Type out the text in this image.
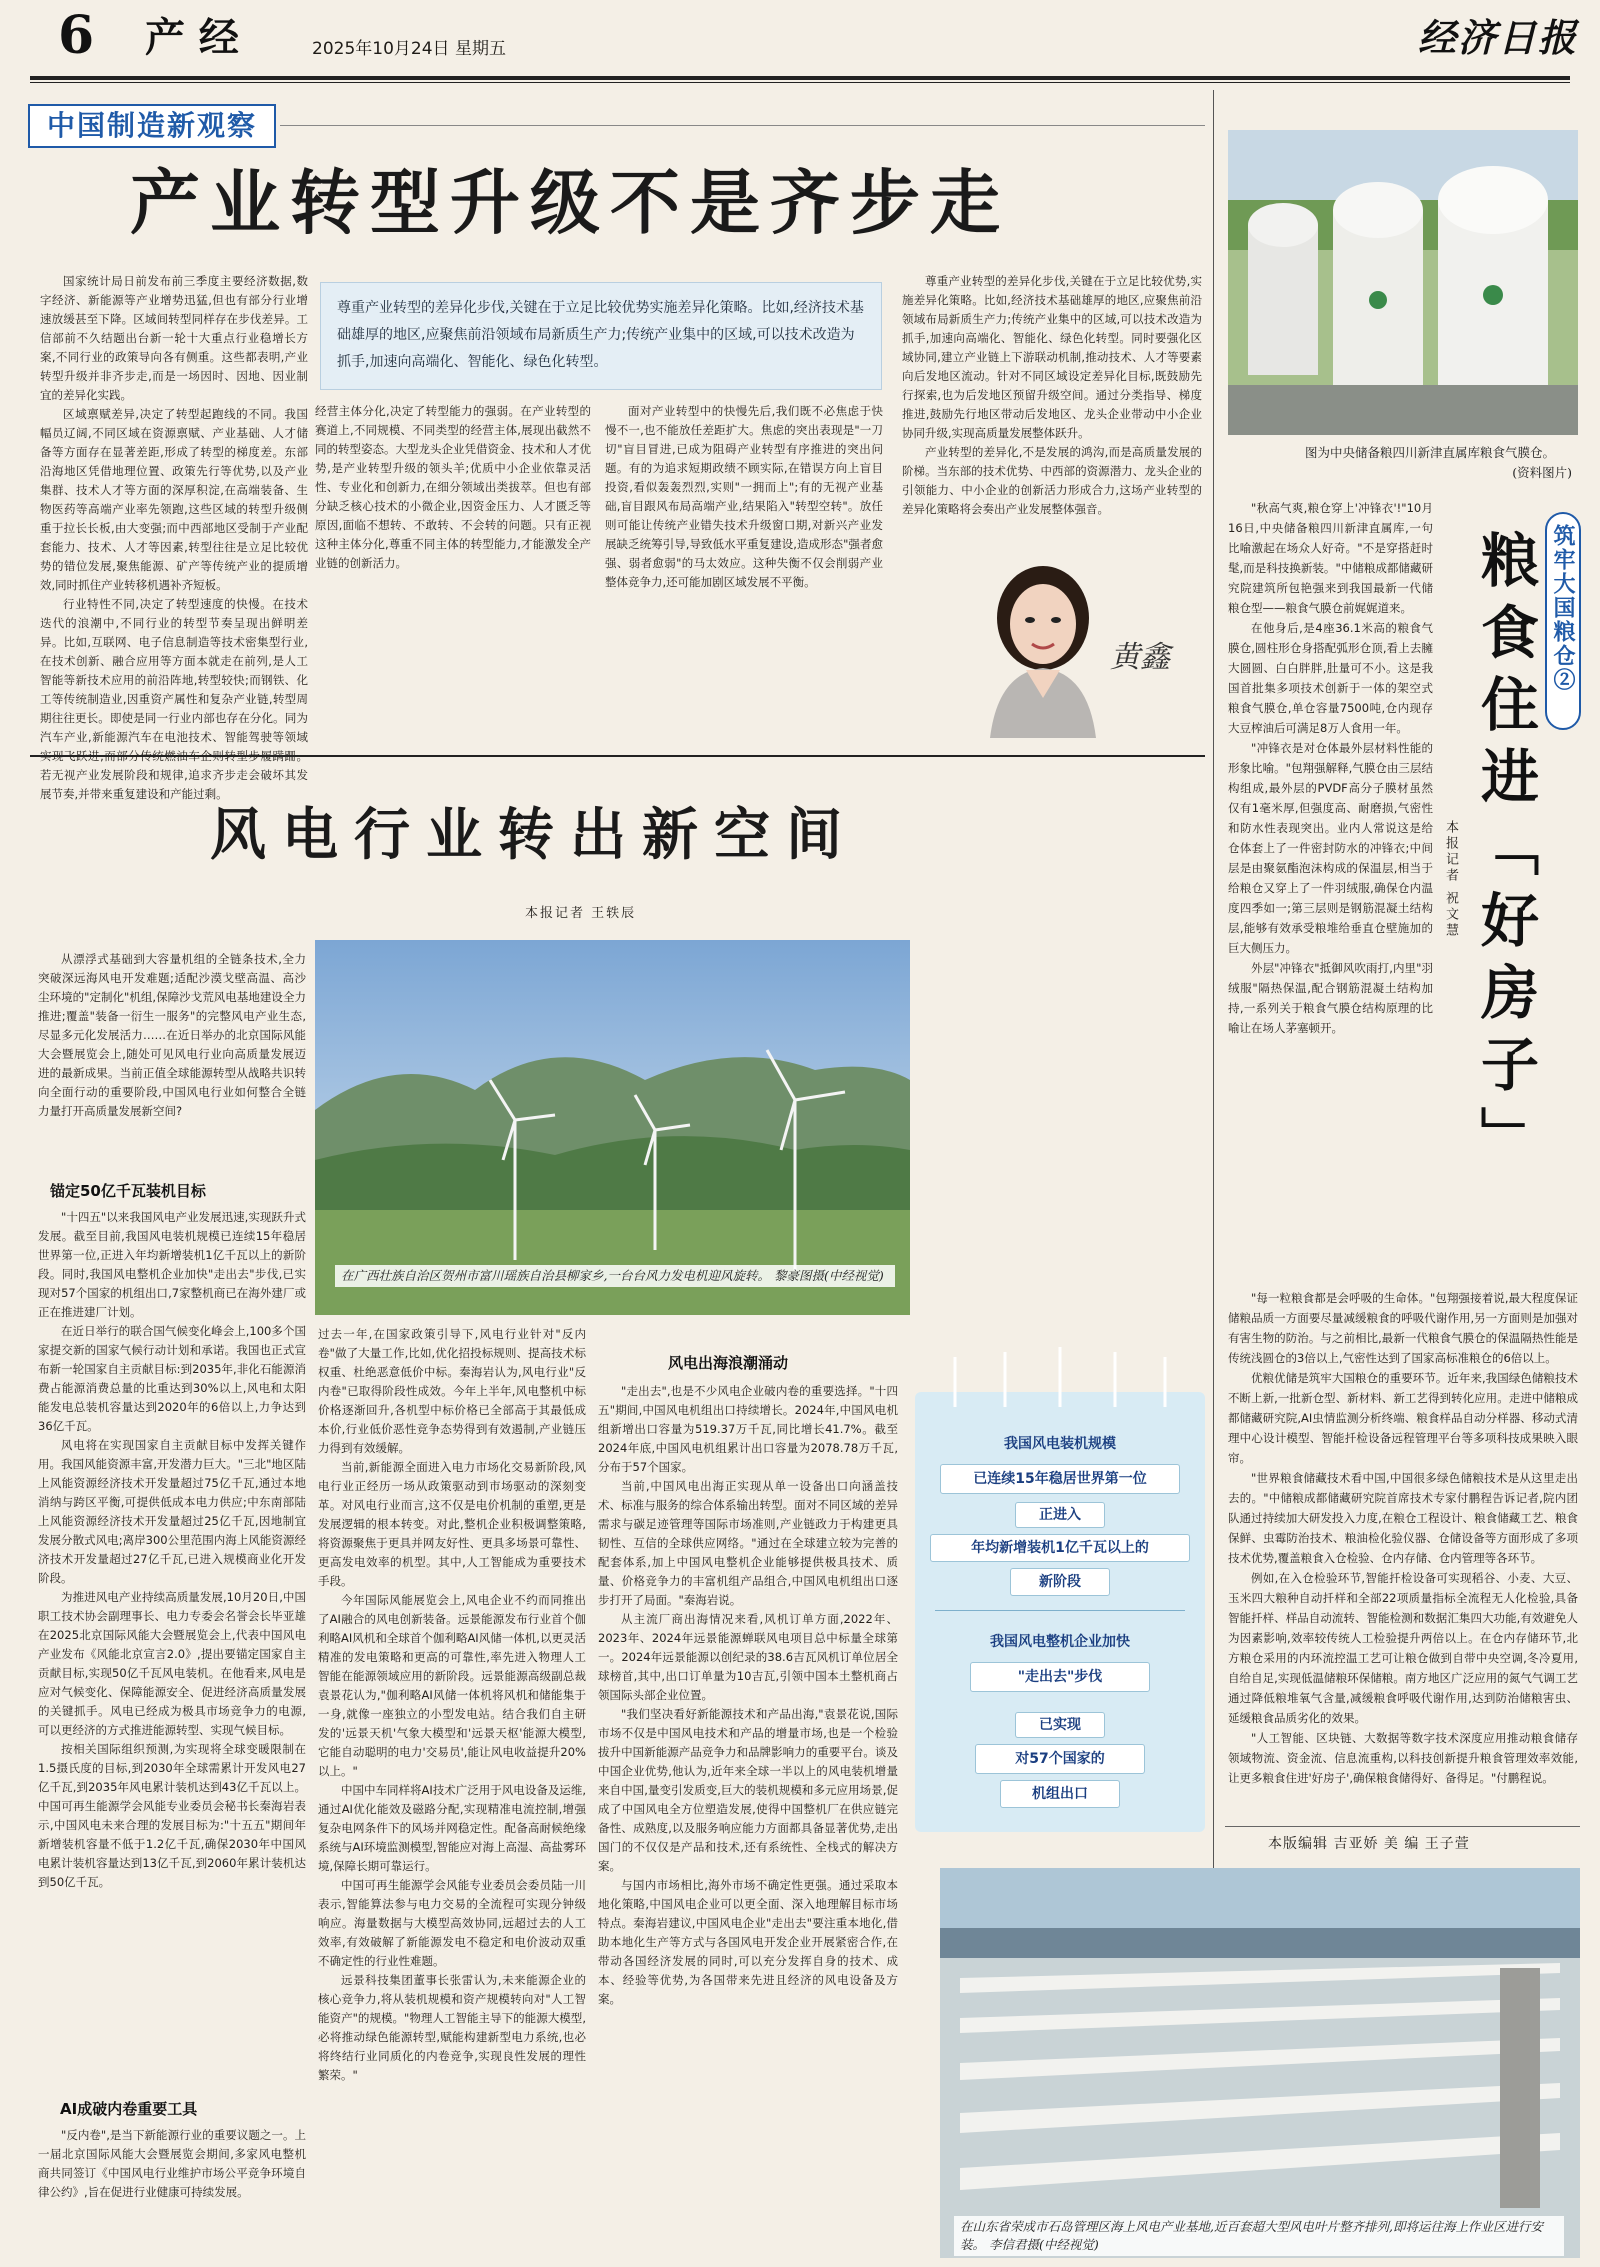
6 产 经	2025年10月24日 星期五	经济日报
中国制造新观察
产业转型升级不是齐步走

国家统计局日前发布前三季度主要经济数据,数字经济、新能源等产业增势迅猛,但也有部分行业增速放缓甚至下降。区域间转型同样存在步伐差异。工信部前不久结题出台新一轮十大重点行业稳增长方案,不同行业的政策导向各有侧重。这些都表明,产业转型升级并非齐步走,而是一场因时、因地、因业制宜的差异化实践。

区域禀赋差异,决定了转型起跑线的不同。我国幅员辽阔,不同区域在资源禀赋、产业基础、人才储备等方面存在显著差距,形成了转型的梯度差。东部沿海地区凭借地理位置、政策先行等优势,以及产业集群、技术人才等方面的深厚积淀,在高端装备、生物医药等高端产业率先领跑,这些区域的转型升级侧重于拉长长板,由大变强;而中西部地区受制于产业配套能力、技术、人才等因素,转型往往是立足比较优势的错位发展,聚焦能源、矿产等传统产业的提质增效,同时抓住产业转移机遇补齐短板。

行业特性不同,决定了转型速度的快慢。在技术迭代的浪潮中,不同行业的转型节奏呈现出鲜明差异。比如,互联网、电子信息制造等技术密集型行业,在技术创新、融合应用等方面本就走在前列,是人工智能等新技术应用的前沿阵地,转型较快;而钢铁、化工等传统制造业,因重资产属性和复杂产业链,转型周期往往更长。即使是同一行业内部也存在分化。同为汽车产业,新能源汽车在电池技术、智能驾驶等领域 若无视产业发展阶段和规律,追求齐步走会破坏其发展节奏,并带来重复建设和产能过剩。

尊重产业转型的差异化步伐,关键在于立足比较优势实施差异化策略。比如,经济技术基础雄厚的地区,应聚焦前沿领域布局新质生产力;传统产业集中的区域,可以技术改造为抓手,加速向高端化、智能化、绿色化转型。

经营主体分化,决定了转型能力的强弱。在产业转型的赛道上,不同规模、不同类型的经营主体,展现出截然不同的转型姿态。大型龙头企业凭借资金、技术和人才优势,是产业转型升级的领头羊;优质中小企业依靠灵活性、专业化和创新力,在细分领域出类拔萃。但也有部分缺乏核心技术的小微企业,因资金压力、人才匮乏等原因,面临不想转、不敢转、不会转的问题。只有正视这种主体分化,尊重不同主体的转型能力,才能激发全产业链的创新活力。

面对产业转型中的快慢先后,我们既不必焦虑于快慢不一,也不能放任差距扩大。焦虑的突出表现是"一刀切"盲目冒进,已成为阻碍产业转型有序推进的突出问题。有的为追求短期政绩不顾实际,在错误方向上盲目投资,看似轰轰烈烈,实则"一拥而上";有的无视产业基础,盲目跟风布局高端产业,结果陷入"转型空转"。放任则可能让传统产业错失技术升级窗口期,对新兴产业发展缺乏统筹引导,导致低水平重复建设,造成形态"强者愈强、弱者愈弱"的马太效应。这种失衡不仅会削弱产业整体竞争力,还可能加剧区域发展不平衡。

尊重产业转型的差异化步伐,关键在于立足比较优势,实施差异化策略。比如,经济技术基础雄厚的地区,应聚焦前沿领域布局新质生产力;传统产业集中的区域,可以技术改造为抓手,加速向高端化、智能化、绿色化转型。同时要强化区域协同,建立产业链上下游联动机制,推动技术、人才等要素向后发地区流动。针对不同区域设定差异化目标,既鼓励先行探索,也为后发地区预留升级空间。通过分类指导、梯度推进,鼓励先行地区带动后发地区、龙头企业带动中小企业协同升级,实现高质量发展整体跃升。

产业转型的差异化,不是发展的鸿沟,而是高质量发展的阶梯。当东部的技术优势、中西部的资源潜力、龙头企业的引领能力、中小企业的创新活力形成合力,这场产业转型的差异化策略将会奏出产业发展整体强音。

黄鑫
图为中央储备粮四川新津直属库粮食气膜仓。
(资料图片)
筑牢大国粮仓②
粮食住进「好房子」
本报记者 祝文慧

"秋高气爽,粮仓穿上'冲锋衣'!"10月16日,中央储备粮四川新津直属库,一句比喻激起在场众人好奇。"不是穿搭赶时髦,而是科技换新装。"中储粮成都储藏研究院建筑所包艳强来到我国最新一代储粮仓型——粮食气膜仓前娓娓道来。

在他身后,是4座36.1米高的粮食气膜仓,圆柱形仓身搭配弧形仓顶,看上去臃大圆圆、白白胖胖,肚量可不小。这是我国首批集多项技术创新于一体的架空式粮食气膜仓,单仓容量7500吨,仓内现存大豆榨油后可满足8万人食用一年。

"冲锋衣是对仓体最外层材料性能的形象比喻。"包翔强解释,气膜仓由三层结构组成,最外层的PVDF高分子膜材虽然仅有1毫米厚,但强度高、耐磨损,气密性和防水性表现突出。业内人常说这是给仓体套上了一件密封防水的冲锋衣;中间层是由聚氨酯泡沫构成的保温层,相当于给粮仓又穿上了一件羽绒服,确保仓内温度四季如一;第三层则是钢筋混凝土结构层,能够有效承受粮堆给垂直仓壁施加的巨大侧压力。

外层"冲锋衣"抵御风吹雨打,内里"羽绒服"隔热保温,配合钢筋混凝土结构加持,一系列关于粮食气膜仓结构原理的比喻让在场人茅塞顿开。

"每一粒粮食都是会呼吸的生命体。"包翔强接着说,最大程度保证储粮品质一方面要尽量减缓粮食的呼吸代谢作用,另一方面则是加强对有害生物的防治。与之前相比,最新一代粮食气膜仓的保温隔热性能是传统浅圆仓的3倍以上,气密性达到了国家高标准粮仓的6倍以上。

优粮优储是筑牢大国粮仓的重要环节。近年来,我国绿色储粮技术不断上新,一批新仓型、新材料、新工艺得到转化应用。走进中储粮成都储藏研究院,AI虫情监测分析终端、粮食样品自动分样器、移动式清理中心设计模型、智能扦检设备远程管理平台等多项科技成果映入眼帘。

"世界粮食储藏技术看中国,中国很多绿色储粮技术是从这里走出去的。"中储粮成都储藏研究院首席技术专家付鹏程告诉记者,院内团队通过持续加大研发投入力度,在粮仓工程设计、粮食储藏工艺、粮食保鲜、虫霉防治技术、粮油检化验仪器、仓储设备等方面形成了多项技术优势,覆盖粮食入仓检验、仓内存储、仓内管理等各环节。

例如,在入仓检验环节,智能扦检设备可实现稻谷、小麦、大豆、玉米四大粮种自动扦样和全部22项质量指标全流程无人化检验,具备智能扦样、样品自动流转、智能检测和数据汇集四大功能,有效避免人为因素影响,效率较传统人工检验提升两倍以上。在仓内存储环节,北方粮仓采用的内环流控温工艺可让粮仓做到自带中央空调,冬冷夏用,自给自足,实现低温储粮环保储粮。南方地区广泛应用的氮气气调工艺通过降低粮堆氧气含量,减缓粮食呼吸代谢作用,达到防治储粮害虫、延缓粮食品质劣化的效果。

"人工智能、区块链、大数据等数字技术深度应用推动粮食储存领域物流、资金流、信息流重构,以科技创新提升粮食管理效率效能,让更多粮食住进'好房子',确保粮食储得好、备得足。"付鹏程说。

本版编辑 吉亚娇 美 编 王子萱
风电行业转出新空间
本报记者 王轶辰

从漂浮式基础到大容量机组的全链条技术,全力突破深远海风电开发难题;适配沙漠戈壁高温、高沙尘环境的"定制化"机组,保障沙戈荒风电基地建设全力推进;覆盖"装备一衍生一服务"的完整风电产业生态,尽显多元化发展活力……在近日举办的北京国际风能大会暨展览会上,随处可见风电行业向高质量发展迈进的最新成果。当前正值全球能源转型从战略共识转向全面行动的重要阶段,中国风电行业如何整合全链力量打开高质量发展新空间?

在广西壮族自治区贺州市富川瑶族自治县柳家乡,一台台风力发电机迎风旋转。 黎豪图摄(中经视觉)
锚定50亿千瓦装机目标

"十四五"以来我国风电产业发展迅速,实现跃升式发展。截至目前,我国风电装机规模已连续15年稳居世界第一位,正进入年均新增装机1亿千瓦以上的新阶段。同时,我国风电整机企业加快"走出去"步伐,已实现对57个国家的机组出口,7家整机商已在海外建厂或正在推进建厂计划。

在近日举行的联合国气候变化峰会上,100多个国家提交新的国家气候行动计划和承诺。我国也正式宣布新一轮国家自主贡献目标:到2035年,非化石能源消费占能源消费总量的比重达到30%以上,风电和太阳能发电总装机容量达到2020年的6倍以上,力争达到36亿千瓦。

风电将在实现国家自主贡献目标中发挥关键作用。我国风能资源丰富,开发潜力巨大。"三北"地区陆上风能资源经济技术开发量超过75亿千瓦,通过本地消纳与跨区平衡,可提供低成本电力供应;中东南部陆上风能资源经济技术开发量超过25亿千瓦,因地制宜发展分散式风电;离岸300公里范围内海上风能资源经济技术开发量超过27亿千瓦,已进入规模商业化开发阶段。

为推进风电产业持续高质量发展,10月20日,中国职工技术协会副理事长、电力专委会名誉会长毕亚雄在2025北京国际风能大会暨展览会上,代表中国风电产业发布《风能北京宣言2.0》,提出要锚定国家自主贡献目标,实现50亿千瓦风电装机。在他看来,风电是应对气候变化、保障能源安全、促进经济高质量发展的关键抓手。风电已经成为极具市场竞争力的电源,可以更经济的方式推进能源转型、实现气候目标。

按相关国际组织预测,为实现将全球变暖限制在1.5摄氏度的目标,到2030年全球需累计开发风电27亿千瓦,到2035年风电累计装机达到43亿千瓦以上。中国可再生能源学会风能专业委员会秘书长秦海岩表示,中国风电未来合理的发展目标为:"十五五"期间年新增装机容量不低于1.2亿千瓦,确保2030年中国风电累计装机容量达到13亿千瓦,到2060年累计装机达到50亿千瓦。

AI成破内卷重要工具

"反内卷",是当下新能源行业的重要议题之一。上一届北京国际风能大会暨展览会期间,多家风电整机商共同签订《中国风电行业维护市场公平竞争环境自律公约》,旨在促进行业健康可持续发展。

过去一年,在国家政策引导下,风电行业针对"反内卷"做了大量工作,比如,优化招投标规则、提高技术标权重、杜绝恶意低价中标。秦海岩认为,风电行业"反内卷"已取得阶段性成效。今年上半年,风电整机中标价格逐渐回升,各机型中标价格已全部高于其最低成本价,行业低价恶性竞争态势得到有效遏制,产业链压力得到有效缓解。

当前,新能源全面进入电力市场化交易新阶段,风电行业正经历一场从政策驱动到市场驱动的深刻变革。对风电行业而言,这不仅是电价机制的重塑,更是发展逻辑的根本转变。对此,整机企业积极调整策略,将资源聚焦于更具并网友好性、更具多场景可靠性、更高发电效率的机型。其中,人工智能成为重要技术手段。

今年国际风能展览会上,风电企业不约而同推出了AI融合的风电创新装备。远景能源发布行业首个伽利略AI风机和全球首个伽利略AI风储一体机,以更灵活精准的发电策略和更高的可靠性,率先进入物理人工智能在能源领域应用的新阶段。远景能源高级副总裁袁景花认为,"伽利略AI风储一体机将风机和储能集于一身,就像一座独立的小型发电站。结合我们自主研发的'远景天机'气象大模型和'远景天枢'能源大模型,它能自动聪明的电力'交易员',能让风电收益提升20%以上。"

中国中车同样将AI技术广泛用于风电设备及运维,通过AI优化能效及磁路分配,实现精准电流控制,增强复杂电网条件下的风场并网稳定性。配备高耐候绝缘系统与AI环境监测模型,智能应对海上高湿、高盐雾环境,保障长期可靠运行。

中国可再生能源学会风能专业委员会委员陆一川表示,智能算法参与电力交易的全流程可实现分钟级响应。海量数据与大模型高效协同,远超过去的人工效率,有效破解了新能源发电不稳定和电价波动双重不确定性的行业性难题。

远景科技集团董事长张雷认为,未来能源企业的核心竞争力,将从装机规模和资产规模转向对"人工智能资产"的规模。"物理人工智能主导下的能源大模型,必将推动绿色能源转型,赋能构建新型电力系统,也必将终结行业同质化的内卷竞争,实现良性发展的理性繁荣。"

风电出海浪潮涌动

"走出去",也是不少风电企业破内卷的重要选择。"十四五"期间,中国风电机组出口持续增长。2024年,中国风电机组新增出口容量为519.37万千瓦,同比增长41.7%。截至2024年底,中国风电机组累计出口容量为2078.78万千瓦,分布于57个国家。

当前,中国风电出海正实现从单一设备出口向涵盖技术、标准与服务的综合体系输出转型。面对不同区域的差异需求与碳足迹管理等国际市场准则,产业链政力于构建更具韧性、互信的全球供应网络。"通过在全球建立较为完善的配套体系,加上中国风电整机企业能够提供极具技术、质量、价格竞争力的丰富机组产品组合,中国风电机组出口逐步打开了局面。"秦海岩说。

从主流厂商出海情况来看,风机订单方面,2022年、2023年、2024年远景能源蝉联风电项目总中标量全球第一。2024年远景能源以创纪录的38.6吉瓦风机订单位居全球榜首,其中,出口订单量为10吉瓦,引领中国本土整机商占领国际头部企业位置。

"我们坚决看好新能源技术和产品出海,"袁景花说,国际市场不仅是中国风电技术和产品的增量市场,也是一个检验拔升中国新能源产品竞争力和品牌影响力的重要平台。谈及中国企业优势,他认为,近年来全球一半以上的风电装机增量来自中国,量变引发质变,巨大的装机规模和多元应用场景,促成了中国风电全方位塑造发展,使得中国整机厂在供应链完备性、成熟度,以及服务响应能力方面都具备显著优势,走出国门的不仅仅是产品和技术,还有系统性、全栈式的解决方案。

与国内市场相比,海外市场不确定性更强。通过采取本地化策略,中国风电企业可以更全面、深入地理解目标市场特点。秦海岩建议,中国风电企业"走出去"要注重本地化,借助本地化生产等方式与各国风电开发企业开展紧密合作,在带动各国经济发展的同时,可以充分发挥自身的技术、成本、经验等优势,为各国带来先进且经济的风电设备及方案。

我国风电装机规模
已连续15年稳居世界第一位
正进入
年均新增装机1亿千瓦以上的
新阶段
我国风电整机企业加快
"走出去"步伐
已实现
对57个国家的
机组出口
在山东省荣成市石岛管理区海上风电产业基地,近百套超大型风电叶片整齐排列,即将运往海上作业区进行安装。 李信君摄(中经视觉)
